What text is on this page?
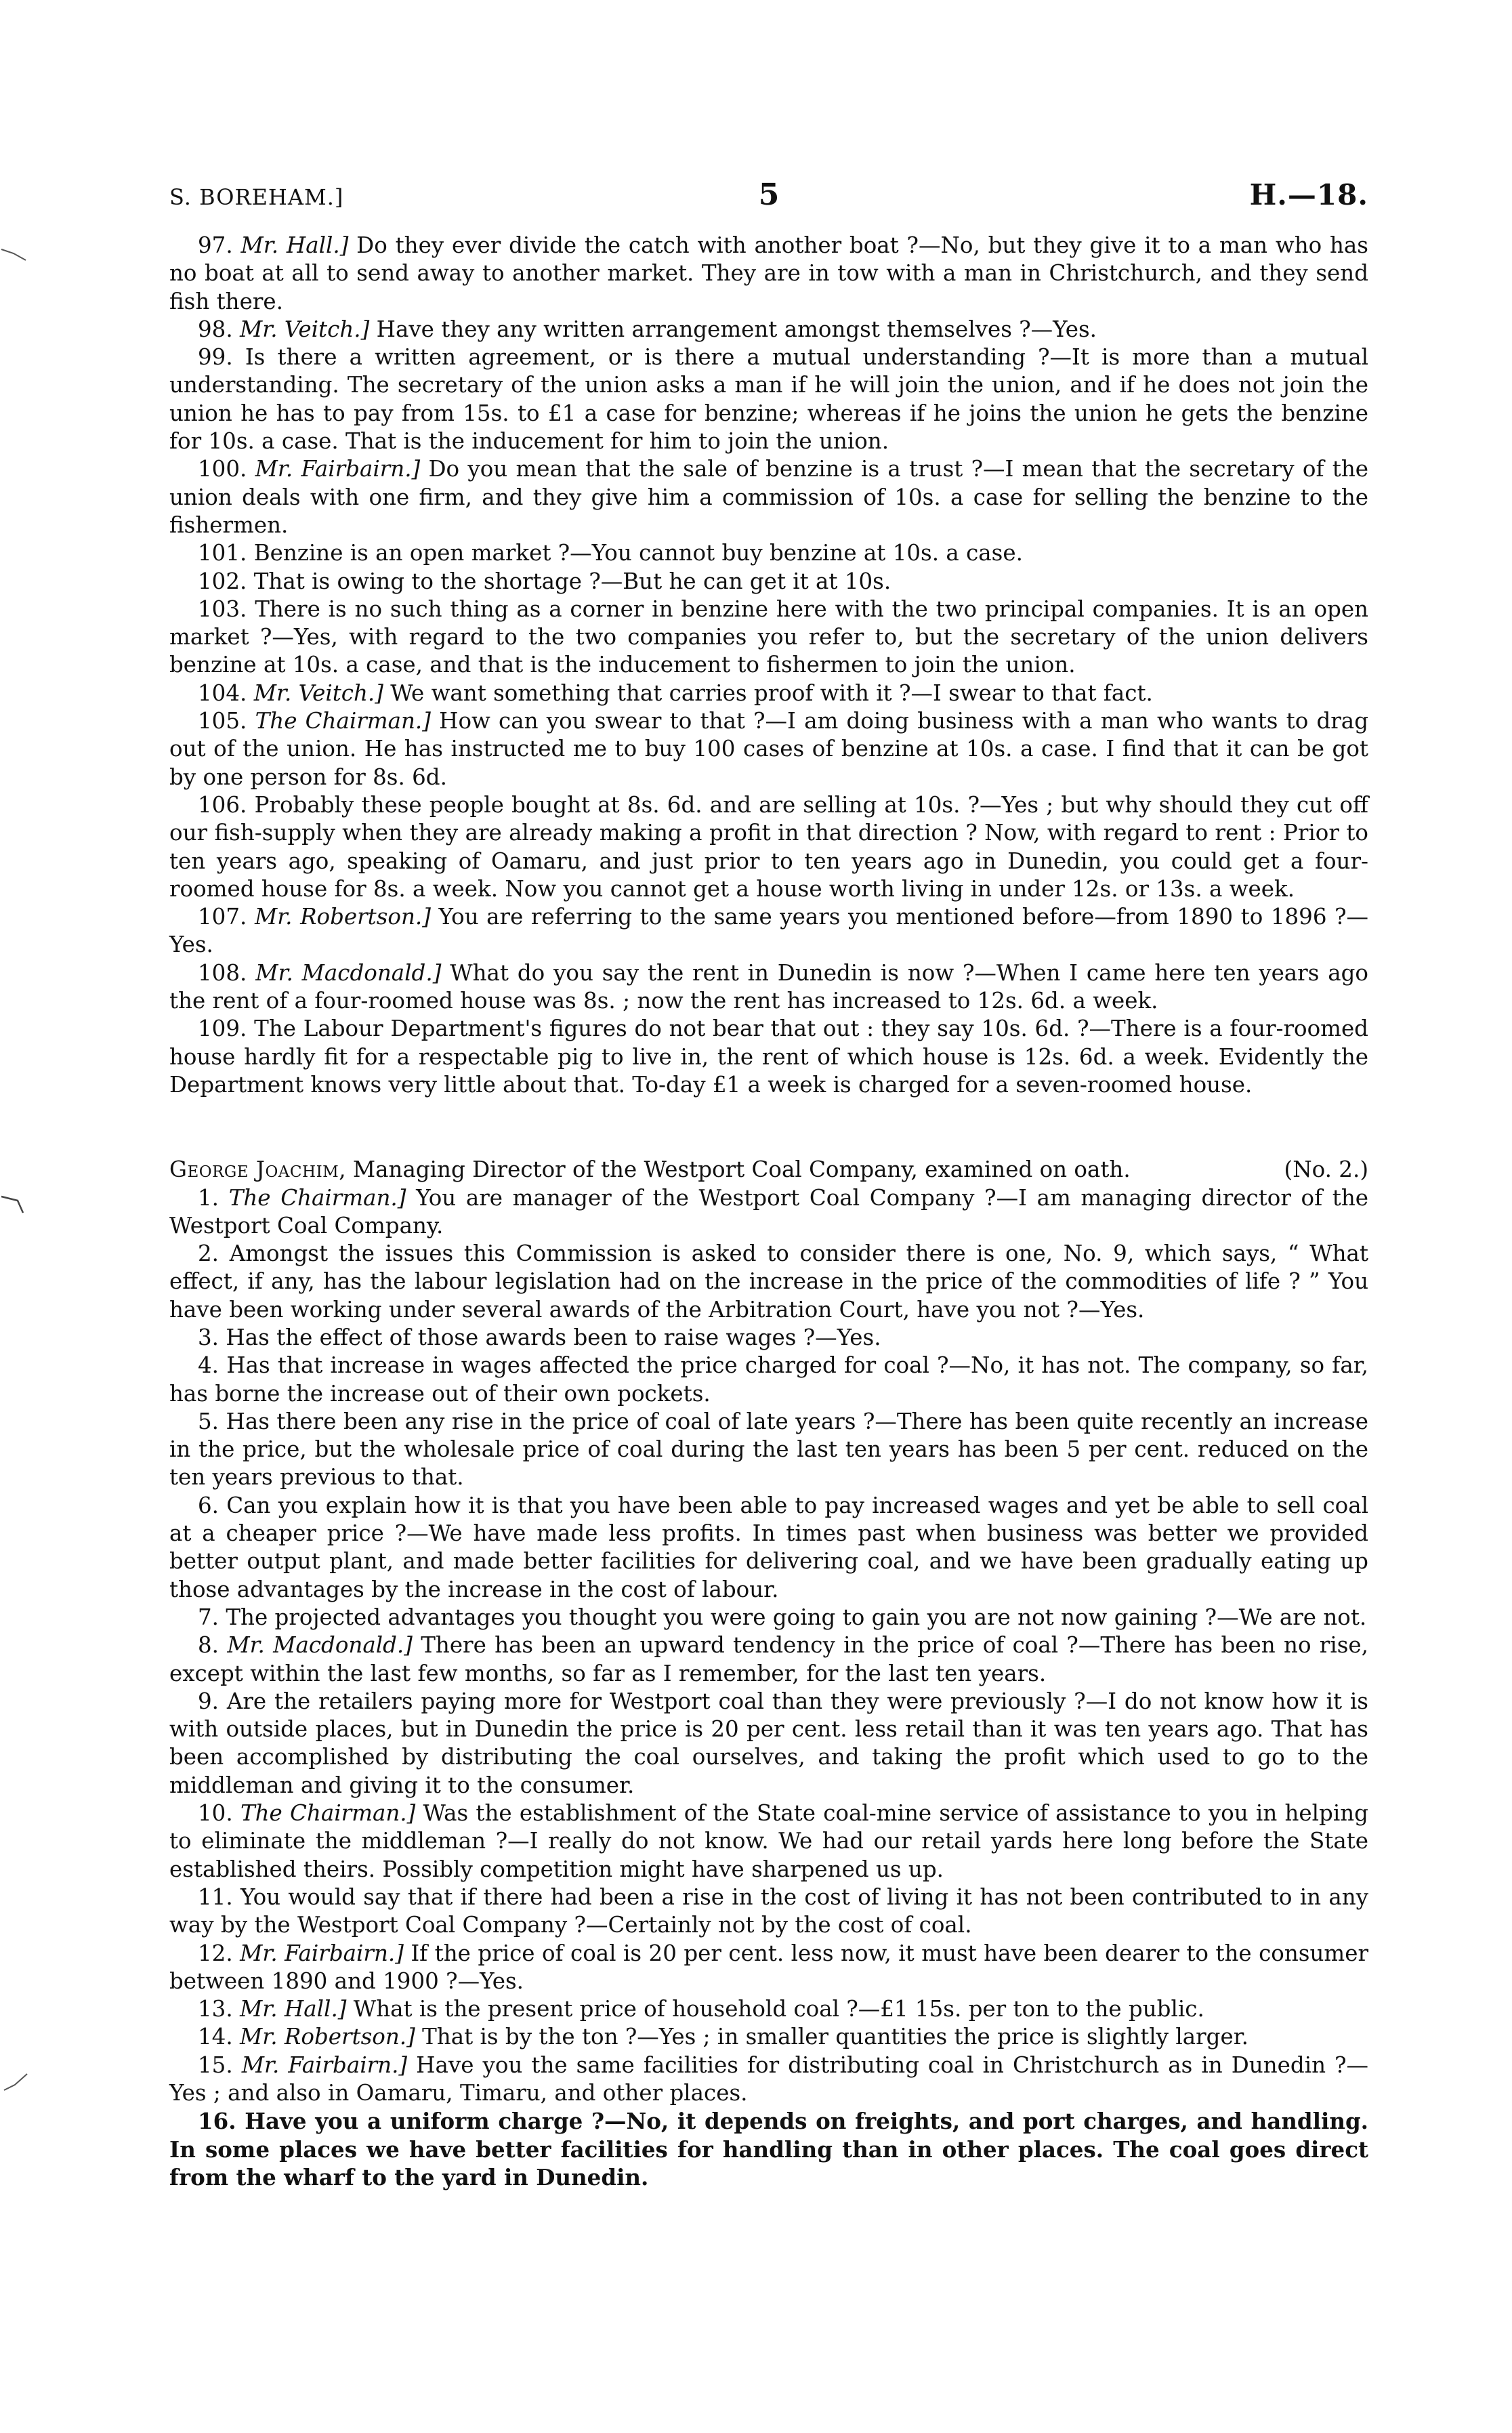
S. BOREHAM.]	5	H.—18.

97. Mr. Hall.] Do they ever divide the catch with another boat ?—No, but they give it to a man who has no boat at all to send away to another market. They are in tow with a man in Christchurch, and they send fish there.

98. Mr. Veitch.] Have they any written arrangement amongst themselves ?—Yes.

99. Is there a written agreement, or is there a mutual understanding ?—It is more than a mutual understanding. The secretary of the union asks a man if he will join the union, and if he does not join the union he has to pay from 15s. to £1 a case for benzine; whereas if he joins the union he gets the benzine for 10s. a case. That is the inducement for him to join the union.

100. Mr. Fairbairn.] Do you mean that the sale of benzine is a trust ?—I mean that the secretary of the union deals with one firm, and they give him a commission of 10s. a case for selling the benzine to the fishermen.

101. Benzine is an open market ?—You cannot buy benzine at 10s. a case.

102. That is owing to the shortage ?—But he can get it at 10s.

103. There is no such thing as a corner in benzine here with the two principal companies. It is an open market ?—Yes, with regard to the two companies you refer to, but the secretary of the union delivers benzine at 10s. a case, and that is the inducement to fishermen to join the union.

104. Mr. Veitch.] We want something that carries proof with it ?—I swear to that fact.

105. The Chairman.] How can you swear to that ?—I am doing business with a man who wants to drag out of the union. He has instructed me to buy 100 cases of benzine at 10s. a case. I find that it can be got by one person for 8s. 6d.

106. Probably these people bought at 8s. 6d. and are selling at 10s. ?—Yes ; but why should they cut off our fish-supply when they are already making a profit in that direction ? Now, with regard to rent : Prior to ten years ago, speaking of Oamaru, and just prior to ten years ago in Dunedin, you could get a four-roomed house for 8s. a week. Now you cannot get a house worth living in under 12s. or 13s. a week.

107. Mr. Robertson.] You are referring to the same years you mentioned before—from 1890 to 1896 ?—Yes.

108. Mr. Macdonald.] What do you say the rent in Dunedin is now ?—When I came here ten years ago the rent of a four-roomed house was 8s. ; now the rent has increased to 12s. 6d. a week.

109. The Labour Department's figures do not bear that out : they say 10s. 6d. ?—There is a four-roomed house hardly fit for a respectable pig to live in, the rent of which house is 12s. 6d. a week. Evidently the Department knows very little about that. To-day £1 a week is charged for a seven-roomed house.

George Joachim, Managing Director of the Westport Coal Company, examined on oath.	(No. 2.)

1. The Chairman.] You are manager of the Westport Coal Company ?—I am managing director of the Westport Coal Company.

2. Amongst the issues this Commission is asked to consider there is one, No. 9, which says, “ What effect, if any, has the labour legislation had on the increase in the price of the commodities of life ? ” You have been working under several awards of the Arbitration Court, have you not ?—Yes.

3. Has the effect of those awards been to raise wages ?—Yes.

4. Has that increase in wages affected the price charged for coal ?—No, it has not. The company, so far, has borne the increase out of their own pockets.

5. Has there been any rise in the price of coal of late years ?—There has been quite recently an increase in the price, but the wholesale price of coal during the last ten years has been 5 per cent. reduced on the ten years previous to that.

6. Can you explain how it is that you have been able to pay increased wages and yet be able to sell coal at a cheaper price ?—We have made less profits. In times past when business was better we provided better output plant, and made better facilities for delivering coal, and we have been gradually eating up those advantages by the increase in the cost of labour.

7. The projected advantages you thought you were going to gain you are not now gaining ?—We are not.

8. Mr. Macdonald.] There has been an upward tendency in the price of coal ?—There has been no rise, except within the last few months, so far as I remember, for the last ten years.

9. Are the retailers paying more for Westport coal than they were previously ?—I do not know how it is with outside places, but in Dunedin the price is 20 per cent. less retail than it was ten years ago. That has been accomplished by distributing the coal ourselves, and taking the profit which used to go to the middleman and giving it to the consumer.

10. The Chairman.] Was the establishment of the State coal-mine service of assistance to you in helping to eliminate the middleman ?—I really do not know. We had our retail yards here long before the State established theirs. Possibly competition might have sharpened us up.

11. You would say that if there had been a rise in the cost of living it has not been contributed to in any way by the Westport Coal Company ?—Certainly not by the cost of coal.

12. Mr. Fairbairn.] If the price of coal is 20 per cent. less now, it must have been dearer to the consumer between 1890 and 1900 ?—Yes.

13. Mr. Hall.] What is the present price of household coal ?—£1 15s. per ton to the public.

14. Mr. Robertson.] That is by the ton ?—Yes ; in smaller quantities the price is slightly larger.

15. Mr. Fairbairn.] Have you the same facilities for distributing coal in Christchurch as in Dunedin ?—Yes ; and also in Oamaru, Timaru, and other places.

16. Have you a uniform charge ?—No, it depends on freights, and port charges, and handling. In some places we have better facilities for handling than in other places. The coal goes direct from the wharf to the yard in Dunedin.
